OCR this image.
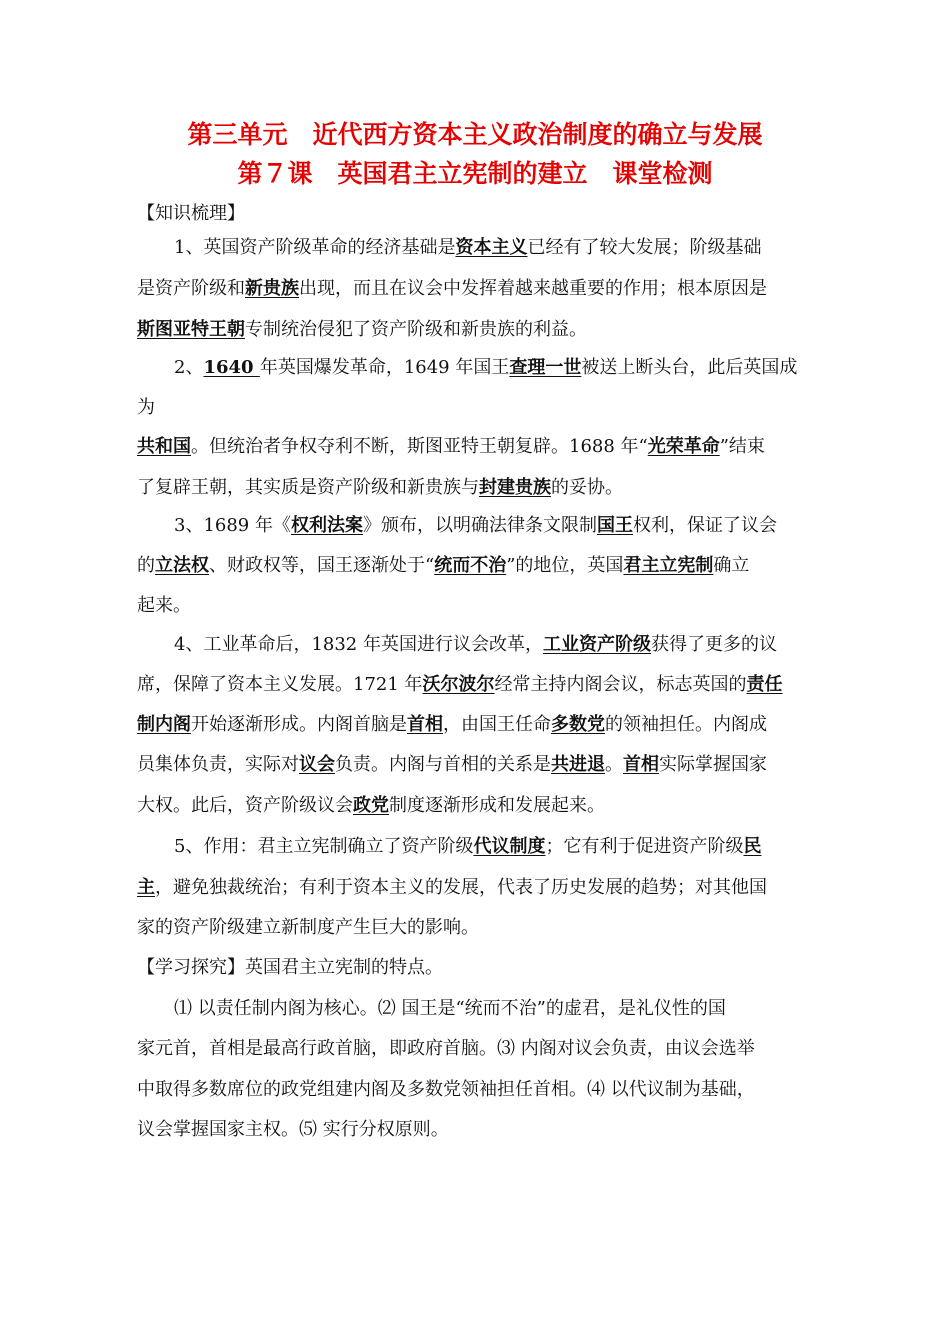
第三单元　近代西方资本主义政治制度的确立与发展
第７课　英国君主立宪制的建立　课堂检测
【知识梳理】
1、英国资产阶级革命的经济基础是资本主义已经有了较大发展；阶级基础
是资产阶级和新贵族出现，而且在议会中发挥着越来越重要的作用；根本原因是
斯图亚特王朝专制统治侵犯了资产阶级和新贵族的利益。
2、1640 年英国爆发革命，1649 年国王查理一世被送上断头台，此后英国成
为
共和国。但统治者争权夺利不断，斯图亚特王朝复辟。1688 年“光荣革命”结束
了复辟王朝，其实质是资产阶级和新贵族与封建贵族的妥协。
3、1689 年《权利法案》颁布，以明确法律条文限制国王权利，保证了议会
的立法权、财政权等，国王逐渐处于“统而不治”的地位，英国君主立宪制确立
起来。
4、工业革命后，1832 年英国进行议会改革，工业资产阶级获得了更多的议
席，保障了资本主义发展。1721 年沃尔波尔经常主持内阁会议，标志英国的责任
制内阁开始逐渐形成。内阁首脑是首相，由国王任命多数党的领袖担任。内阁成
员集体负责，实际对议会负责。内阁与首相的关系是共进退。首相实际掌握国家
大权。此后，资产阶级议会政党制度逐渐形成和发展起来。
5、作用：君主立宪制确立了资产阶级代议制度；它有利于促进资产阶级民
主，避免独裁统治；有利于资本主义的发展，代表了历史发展的趋势；对其他国
家的资产阶级建立新制度产生巨大的影响。
【学习探究】英国君主立宪制的特点。
⑴ 以责任制内阁为核心。⑵ 国王是“统而不治”的虚君，是礼仪性的国
家元首，首相是最高行政首脑，即政府首脑。⑶ 内阁对议会负责，由议会选举
中取得多数席位的政党组建内阁及多数党领袖担任首相。⑷ 以代议制为基础，
议会掌握国家主权。⑸ 实行分权原则。
